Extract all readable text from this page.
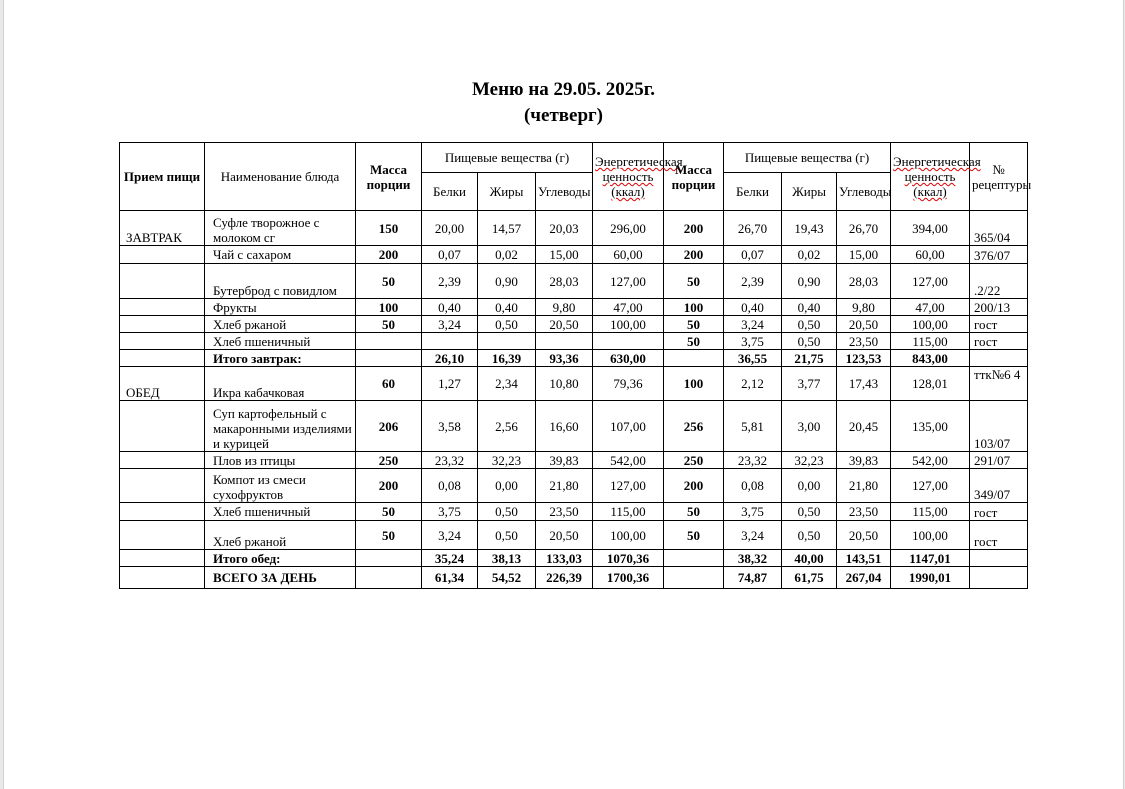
Меню на 29.05. 2025г.
(четверг)
Прием пищи	Наименование блюда	Масса порции	Пищевые вещества (г)			Энергетическая ценность (ккал)	Масса порции	Пищевые вещества (г)			Энергетическая ценность (ккал)	№ рецептуры
			Белки	Жиры	Углеводы			Белки	Жиры	Углеводы		
ЗАВТРАК	Суфле творожное с молоком сг	150	20,00	14,57	20,03	296,00	200	26,70	19,43	26,70	394,00	365/04
	Чай с сахаром	200	0,07	0,02	15,00	60,00	200	0,07	0,02	15,00	60,00	376/07
	Бутерброд с повидлом	50	2,39	0,90	28,03	127,00	50	2,39	0,90	28,03	127,00	.2/22
	Фрукты	100	0,40	0,40	9,80	47,00	100	0,40	0,40	9,80	47,00	200/13
	Хлеб ржаной	50	3,24	0,50	20,50	100,00	50	3,24	0,50	20,50	100,00	гост
	Хлеб пшеничный						50	3,75	0,50	23,50	115,00	гост
	Итого завтрак:		26,10	16,39	93,36	630,00		36,55	21,75	123,53	843,00	
ОБЕД	Икра кабачковая	60	1,27	2,34	10,80	79,36	100	2,12	3,77	17,43	128,01	ттк№6 4
	Суп картофельный с макаронными изделиями и курицей	206	3,58	2,56	16,60	107,00	256	5,81	3,00	20,45	135,00	103/07
	Плов из птицы	250	23,32	32,23	39,83	542,00	250	23,32	32,23	39,83	542,00	291/07
	Компот из смеси сухофруктов	200	0,08	0,00	21,80	127,00	200	0,08	0,00	21,80	127,00	349/07
	Хлеб пшеничный	50	3,75	0,50	23,50	115,00	50	3,75	0,50	23,50	115,00	гост
	Хлеб ржаной	50	3,24	0,50	20,50	100,00	50	3,24	0,50	20,50	100,00	гост
	Итого обед:		35,24	38,13	133,03	1070,36		38,32	40,00	143,51	1147,01	
	ВСЕГО ЗА ДЕНЬ		61,34	54,52	226,39	1700,36		74,87	61,75	267,04	1990,01	
